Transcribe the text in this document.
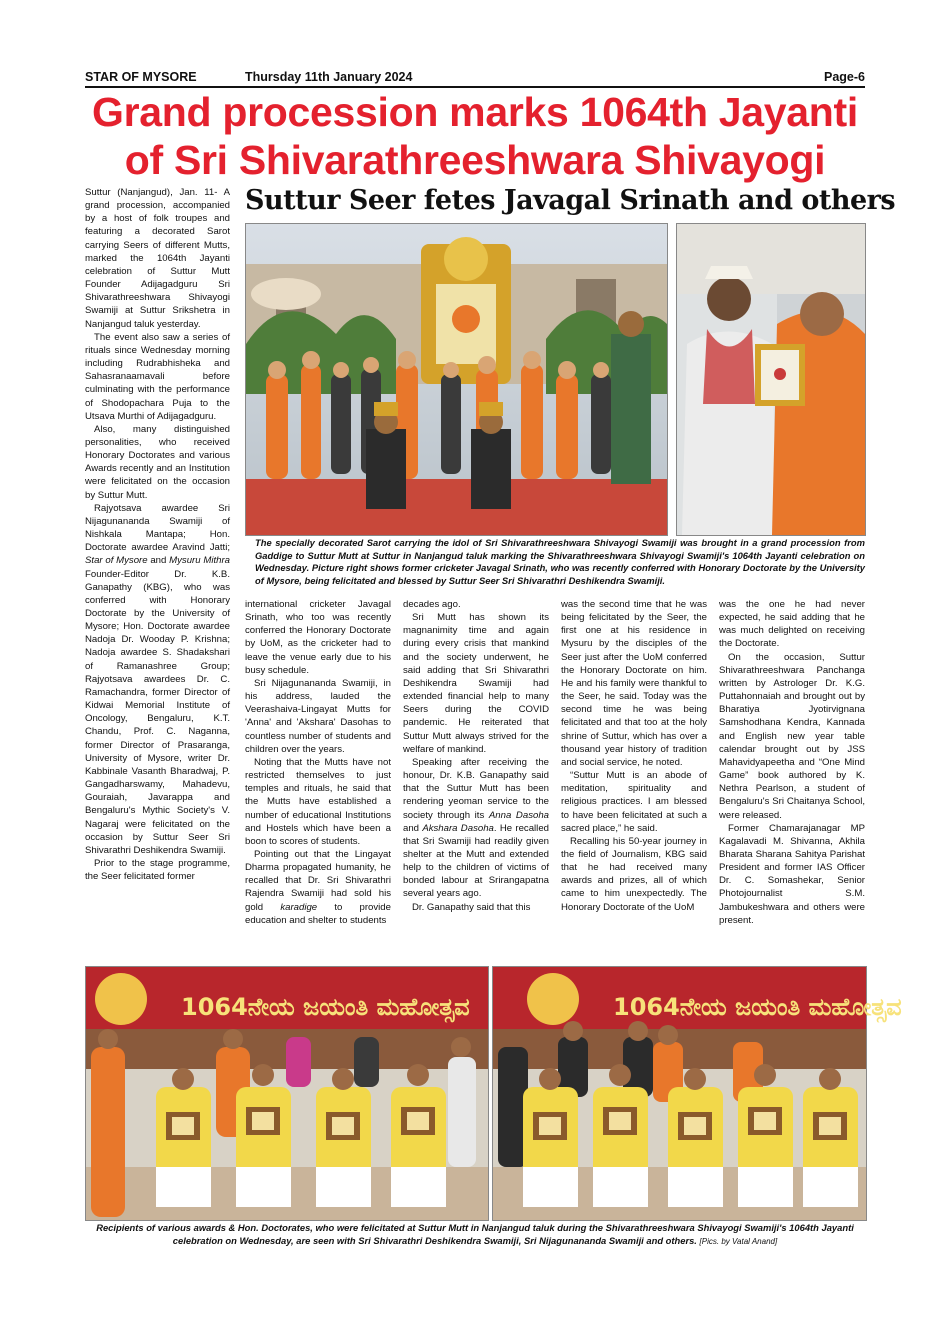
STAR OF MYSORE	Thursday 11th January 2024	Page-6
Grand procession marks 1064th Jayanti
of Sri Shivarathreeshwara Shivayogi
Suttur Seer fetes Javagal Srinath and others

Suttur (Nanjangud), Jan. 11- A grand procession, accompanied by a host of folk troupes and featuring a decorated Sarot carrying Seers of different Mutts, marked the 1064th Jayanti celebration of Suttur Mutt Founder Adijagadguru Sri Shivarathreeshwara Shivayogi Swamiji at Suttur Srikshetra in Nanjangud taluk yesterday.

The event also saw a series of rituals since Wednesday morning including Rudrabhisheka and Sahasranaamavali before culminating with the performance of Shodopachara Puja to the Utsava Murthi of Adijagadguru.

Also, many distinguished personalities, who received Honorary Doctorates and various Awards recently and an Institution were felicitated on the occasion by Suttur Mutt.

Rajyotsava awardee Sri Nijagunananda Swamiji of Nishkala Mantapa; Hon. Doctorate awardee Aravind Jatti; Star of Mysore and Mysuru Mithra Founder-Editor Dr. K.B. Ganapathy (KBG), who was conferred with Honorary Doctorate by the University of Mysore; Hon. Doctorate awardee Nadoja Dr. Wooday P. Krishna; Nadoja awardee S. Shadakshari of Ramanashree Group; Rajyotsava awardees Dr. C. Ramachandra, former Director of Kidwai Memorial Institute of Oncology, Bengaluru, K.T. Chandu, Prof. C. Naganna, former Director of Prasaranga, University of Mysore, writer Dr. Kabbinale Vasanth Bharadwaj, P. Gangadharswamy, Mahadevu, Gouraiah, Javarappa and Bengaluru's Mythic Society's V. Nagaraj were felicitated on the occasion by Suttur Seer Sri Shivarathri Deshikendra Swamiji.

Prior to the stage programme, the Seer felicitated former

The specially decorated Sarot carrying the idol of Sri Shivarathreeshwara Shivayogi Swamiji was brought in a grand procession from Gaddige to Suttur Mutt at Suttur in Nanjangud taluk marking the Shivarathreeshwara Shivayogi Swamiji's 1064th Jayanti celebration on Wednesday. Picture right shows former cricketer Javagal Srinath, who was recently conferred with Honorary Doctorate by the University of Mysore, being felicitated and blessed by Suttur Seer Sri Shivarathri Deshikendra Swamiji.

international cricketer Javagal Srinath, who too was recently conferred the Honorary Doctorate by UoM, as the cricketer had to leave the venue early due to his busy schedule.

Sri Nijagunananda Swamiji, in his address, lauded the Veerashaiva-Lingayat Mutts for 'Anna' and 'Akshara' Dasohas to countless number of students and children over the years.

Noting that the Mutts have not restricted themselves to just temples and rituals, he said that the Mutts have established a number of educational Institutions and Hostels which have been a boon to scores of students.

Pointing out that the Lingayat Dharma propagated humanity, he recalled that Dr. Sri Shivarathri Rajendra Swamiji had sold his gold karadige to provide education and shelter to students

decades ago.

Sri Mutt has shown its magnanimity time and again during every crisis that mankind and the society underwent, he said adding that Sri Shivarathri Deshikendra Swamiji had extended financial help to many Seers during the COVID pandemic. He reiterated that Suttur Mutt always strived for the welfare of mankind.

Speaking after receiving the honour, Dr. K.B. Ganapathy said that the Suttur Mutt has been rendering yeoman service to the society through its Anna Dasoha and Akshara Dasoha. He recalled that Sri Swamiji had readily given shelter at the Mutt and extended help to the children of victims of bonded labour at Srirangapatna several years ago.

Dr. Ganapathy said that this

was the second time that he was being felicitated by the Seer, the first one at his residence in Mysuru by the disciples of the Seer just after the UoM conferred the Honorary Doctorate on him. He and his family were thankful to the Seer, he said. Today was the second time he was being felicitated and that too at the holy shrine of Suttur, which has over a thousand year history of tradition and social service, he noted.

“Suttur Mutt is an abode of meditation, spirituality and religious practices. I am blessed to have been felicitated at such a sacred place,” he said.

Recalling his 50-year journey in the field of Journalism, KBG said that he had received many awards and prizes, all of which came to him unexpectedly. The Honorary Doctorate of the UoM

was the one he had never expected, he said adding that he was much delighted on receiving the Doctorate.

On the occasion, Suttur Shivarathreeshwara Panchanga written by Astrologer Dr. K.G. Puttahonnaiah and brought out by Bharatiya Jyotirvignana Samshodhana Kendra, Kannada and English new year table calendar brought out by JSS Mahavidyapeetha and “One Mind Game” book authored by K. Nethra Pearlson, a student of Bengaluru's Sri Chaitanya School, were released.

Former Chamarajanagar MP Kagalavadi M. Shivanna, Akhila Bharata Sharana Sahitya Parishat President and former IAS Officer Dr. C. Somashekar, Senior Photojournalist S.M. Jambukeshwara and others were present.

1064ನೇಯ ಜಯಂತಿ ಮಹೋತ್ಸವ	1064ನೇಯ ಜಯಂತಿ ಮಹೋತ್ಸವ
Recipients of various awards & Hon. Doctorates, who were felicitated at Suttur Mutt in Nanjangud taluk during the Shivarathreeshwara Shivayogi Swamiji's 1064th Jayanti celebration on Wednesday, are seen with Sri Shivarathri Deshikendra Swamiji, Sri Nijagunananda Swamiji and others. [Pics. by Vatal Anand]
